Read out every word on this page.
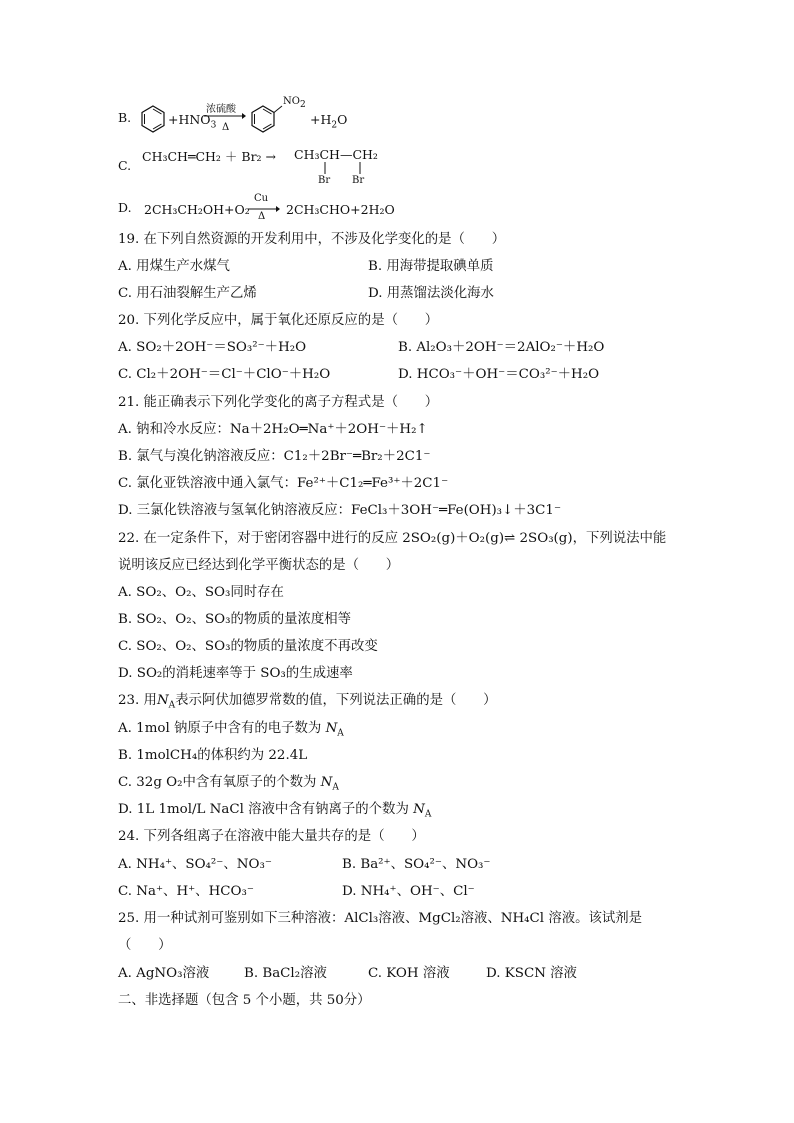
B.	$+HNO_3$
浓硫酸
Δ
$NO_2$
$+H_2O$
C.
CH₃CH═CH₂ ＋ Br₂ → CH₃CH—CH₂
Br Br
D. 2CH₃CH₂OH+O₂
Cu
Δ 2CH₃CHO+2H₂O
19. 在下列自然资源的开发利用中，不涉及化学变化的是（　　）
A. 用煤生产水煤气	B. 用海带提取碘单质
C. 用石油裂解生产乙烯	D. 用蒸馏法淡化海水
20. 下列化学反应中，属于氧化还原反应的是（　　）
A. SO₂＋2OH⁻＝SO₃²⁻＋H₂O	B. Al₂O₃＋2OH⁻＝2AlO₂⁻＋H₂O
C. Cl₂＋2OH⁻＝Cl⁻＋ClO⁻＋H₂O	D. HCO₃⁻＋OH⁻＝CO₃²⁻＋H₂O
21. 能正确表示下列化学变化的离子方程式是（　　）
A. 钠和冷水反应：Na＋2H₂O═Na⁺＋2OH⁻＋H₂↑
B. 氯气与溴化钠溶液反应：C1₂＋2Br⁻═Br₂＋2C1⁻
C. 氯化亚铁溶液中通入氯气：Fe²⁺＋C1₂═Fe³⁺＋2C1⁻
D. 三氯化铁溶液与氢氧化钠溶液反应：FeCl₃＋3OH⁻═Fe(OH)₃↓＋3C1⁻
22. 在一定条件下，对于密闭容器中进行的反应 2SO₂(g)＋O₂(g)⇌ 2SO₃(g)，下列说法中能
说明该反应已经达到化学平衡状态的是（　　）
A. SO₂、O₂、SO₃同时存在
B. SO₂、O₂、SO₃的物质的量浓度相等
C. SO₂、O₂、SO₃的物质的量浓度不再改变
D. SO₂的消耗速率等于 SO₃的生成速率
23. 用$N_A$表示阿伏加德罗常数的值，下列说法正确的是（　　）
A. 1mol 钠原子中含有的电子数为 $N_A$
B. 1molCH₄的体积约为 22.4L
C. 32g O₂中含有氧原子的个数为 $N_A$
D. 1L 1mol/L NaCl 溶液中含有钠离子的个数为 $N_A$
24. 下列各组离子在溶液中能大量共存的是（　　）
A. NH₄⁺、SO₄²⁻、NO₃⁻	B. Ba²⁺、SO₄²⁻、NO₃⁻
C. Na⁺、H⁺、HCO₃⁻	D. NH₄⁺、OH⁻、Cl⁻
25. 用一种试剂可鉴别如下三种溶液：AlCl₃溶液、MgCl₂溶液、NH₄Cl 溶液。该试剂是
（　　）
A. AgNO₃溶液	B. BaCl₂溶液	C. KOH 溶液	D. KSCN 溶液
二、非选择题（包含 5 个小题，共 50分）
